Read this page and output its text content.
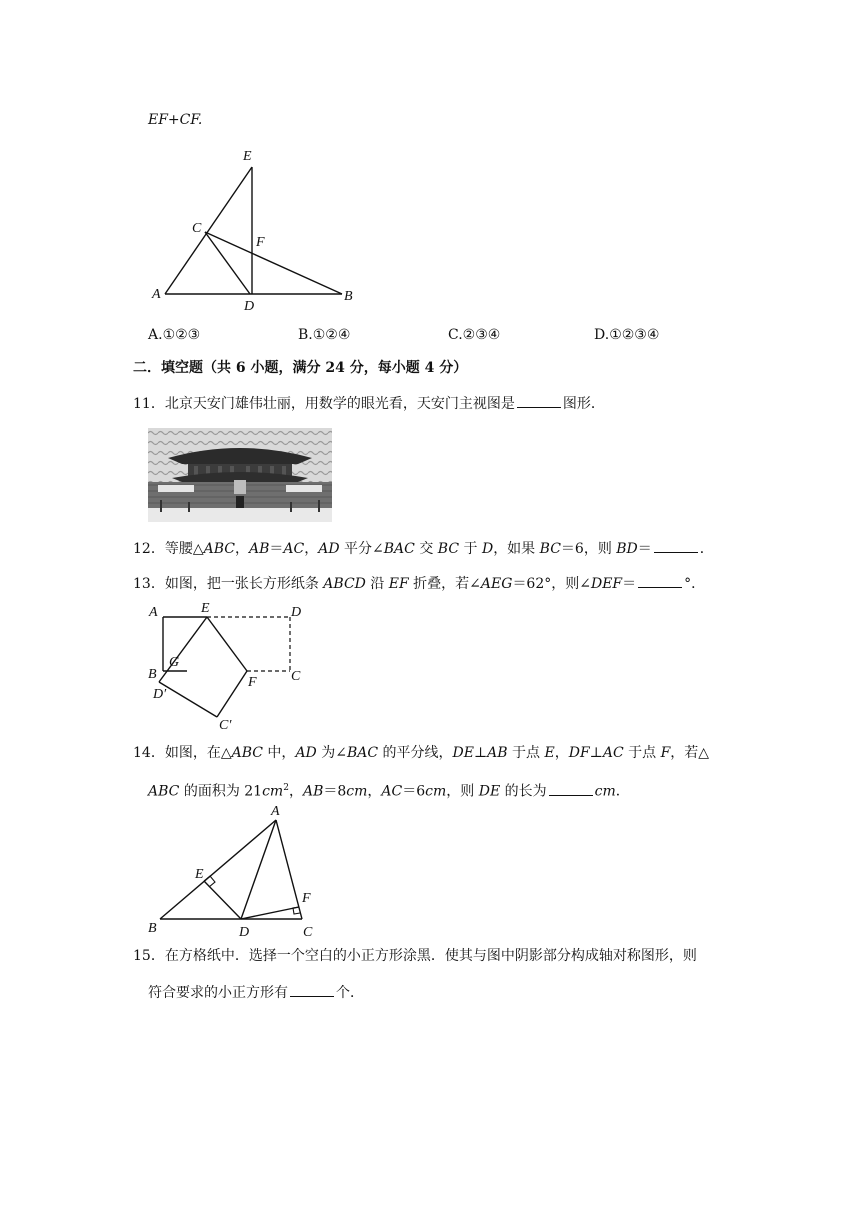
EF+CF.
E
C
F
A
D
B
A.①②③	B.①②④	C.②③④	D.①②③④
二．填空题（共 6 小题，满分 24 分，每小题 4 分）
11．北京天安门雄伟壮丽，用数学的眼光看，天安门主视图是	图形．
12．等腰△ABC，AB＝AC，AD 平分∠BAC 交 BC 于 D，如果 BC＝6，则 BD＝	．
13．如图，把一张长方形纸条 ABCD 沿 EF 折叠，若∠AEG＝62°，则∠DEF＝	°．
A	E	D
B
G
C
D′
F
C′
14．如图，在△ABC 中，AD 为∠BAC 的平分线，DE⊥AB 于点 E，DF⊥AC 于点 F，若△
ABC 的面积为 $21cm^2$，AB＝8cm，AC＝6cm，则 DE 的长为	cm．
A
E
F
B	D	C
15．在方格纸中．选择一个空白的小正方形涂黑．使其与图中阴影部分构成轴对称图形，则
符合要求的小正方形有	个．
